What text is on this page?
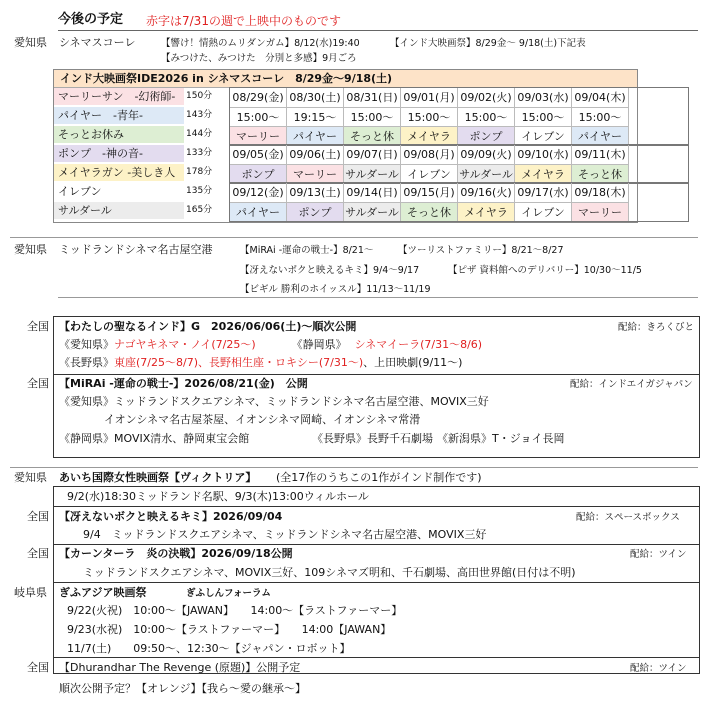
今後の予定 赤字は7/31の週で上映中のものです
愛知県 シネマスコーレ	【響け！情熱のムリダンガム】8/12(水)19:40	【インド大映画祭】8/29金〜 9/18(土)下記表
【みつけた、みつけた　分別と多感】9月ごろ
インド大映画祭IDE2026 in シネマスコーレ　8/29金〜9/18(土)
マーリーサン　-幻術師-	150分
パイヤー　-青年-	143分
そっとお休み	144分
ポンプ　-神の音-	133分
メイヤラガン -美しき人	178分
イレブン	135分
サルダール	165分
08/29(金) 08/30(土) 08/31(日) 09/01(月) 09/02(火) 09/03(水) 09/04(木)
15:00〜	19:15〜	15:00〜	15:00〜	15:00〜	15:00〜	15:00〜
マーリー	パイヤー	そっと休	メイヤラ	ポンプ	イレブン	パイヤー
09/05(金) 09/06(土) 09/07(日) 09/08(月) 09/09(火) 09/10(水) 09/11(木)
ポンプ	マーリー サルダール イレブン サルダール メイヤラ	そっと休
09/12(金) 09/13(土) 09/14(日) 09/15(月) 09/16(火) 09/17(水) 09/18(木)
パイヤー	ポンプ	サルダール そっと休	メイヤラ	イレブン	マーリー
愛知県 ミッドランドシネマ名古屋空港	【MiRAi -運命の戦士-】8/21〜	【ツーリストファミリー】8/21〜8/27
【冴えないボクと映えるキミ】9/4〜9/17	【ピザ 資料館へのデリバリー】10/30〜11/5
【ビギル 勝利のホイッスル】11/13〜11/19
全国 【わたしの聖なるインド】G　2026/06/06(土)〜順次公開	配給：きろくびと
《愛知県》ナゴヤキネマ・ノイ(7/25〜)	《静岡県》 シネマイーラ(7/31〜8/6)
《長野県》東座(7/25〜8/7)、長野相生座・ロキシー(7/31〜)、上田映劇(9/11〜)
全国 【MiRAi -運命の戦士-】2026/08/21(金)　公開	配給：インドエイガジャパン
《愛知県》ミッドランドスクエアシネマ、ミッドランドシネマ名古屋空港、MOVIX三好
イオンシネマ名古屋茶屋、イオンシネマ岡崎、イオンシネマ常滑
《静岡県》MOVIX清水、静岡東宝会館	《長野県》長野千石劇場 《新潟県》T・ジョイ長岡
愛知県 あいち国際女性映画祭【ヴィクトリア】 (全17作のうちこの1作がインド制作です)
9/2(水)18:30ミッドランド名駅、9/3(木)13:00ウィルホール
全国 【冴えないボクと映えるキミ】2026/09/04	配給：スペースボックス
9/4　ミッドランドスクエアシネマ、ミッドランドシネマ名古屋空港、MOVIX三好
全国 【カーンターラ　炎の決戦】2026/09/18公開	配給：ツイン
ミッドランドスクエアシネマ、MOVIX三好、109シネマズ明和、千石劇場、高田世界館(日付は不明)
岐阜県 ぎふアジア映画祭	ぎふしんフォーラム
9/22(火祝)　10:00〜【JAWAN】　　14:00〜【ラストファーマー】
9/23(水祝)　10:00〜【ラストファーマー】　　14:00【JAWAN】
11/7(土)　　09:50〜、12:30〜【ジャパン・ロボット】
全国 【Dhurandhar The Revenge (原題)】公開予定	配給：ツイン
順次公開予定？【オレンジ】【我ら〜愛の継承〜】
